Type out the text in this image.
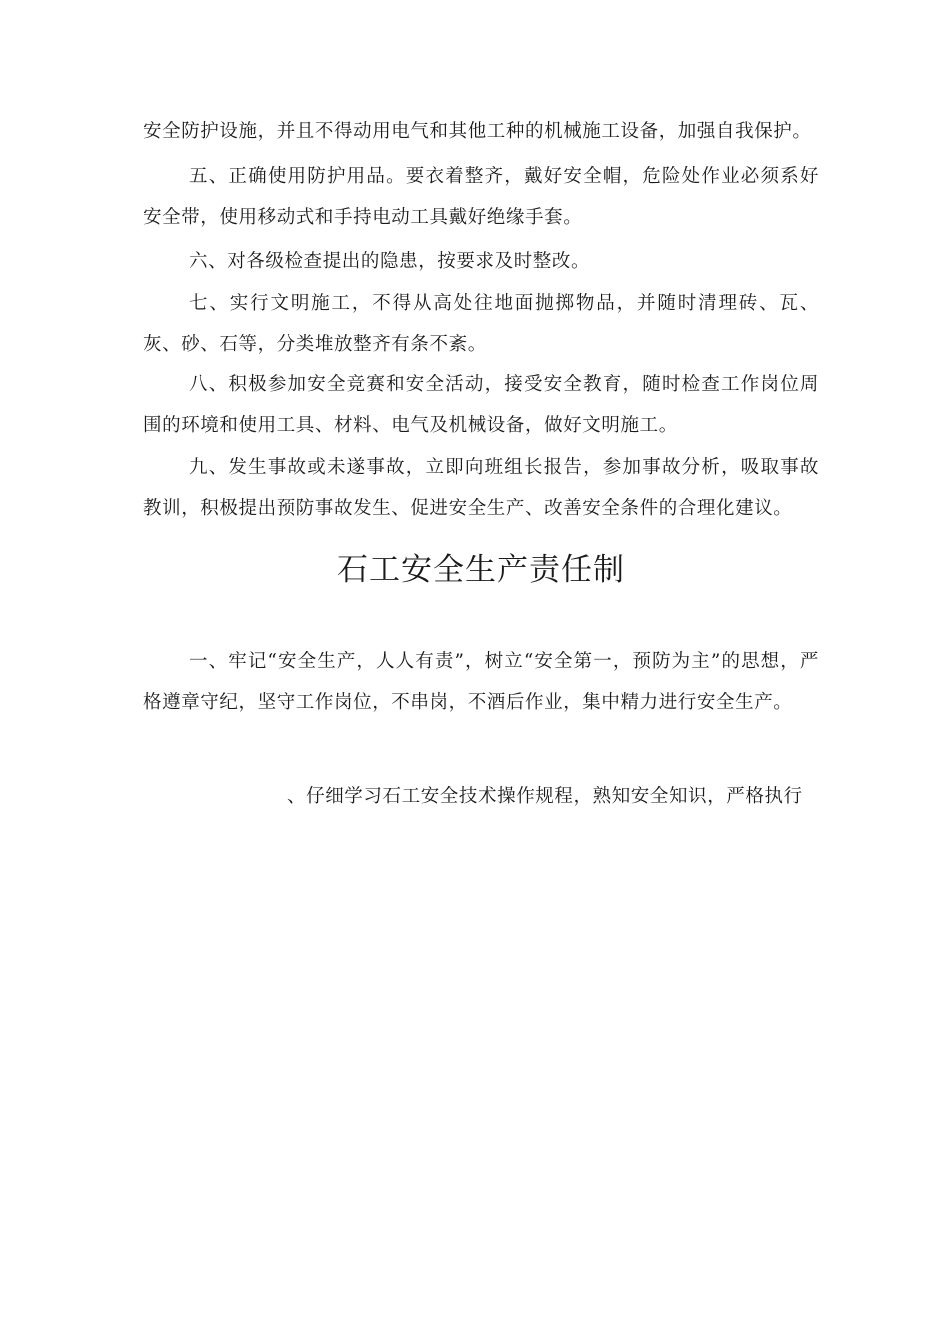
安全防护设施，并且不得动用电气和其他工种的机械施工设备，加强自我保护。

五、正确使用防护用品。要衣着整齐，戴好安全帽，危险处作业必须系好安全带，使用移动式和手持电动工具戴好绝缘手套。

六、对各级检查提出的隐患，按要求及时整改。

七、实行文明施工，不得从高处往地面抛掷物品，并随时清理砖、瓦、灰、砂、石等，分类堆放整齐有条不紊。

八、积极参加安全竞赛和安全活动，接受安全教育，随时检查工作岗位周围的环境和使用工具、材料、电气及机械设备，做好文明施工。

九、发生事故或未遂事故，立即向班组长报告，参加事故分析，吸取事故教训，积极提出预防事故发生、促进安全生产、改善安全条件的合理化建议。

石工安全生产责任制

一、牢记“安全生产，人人有责”，树立“安全第一，预防为主”的思想，严格遵章守纪，坚守工作岗位，不串岗，不酒后作业，集中精力进行安全生产。

、仔细学习石工安全技术操作规程，熟知安全知识，严格执行
